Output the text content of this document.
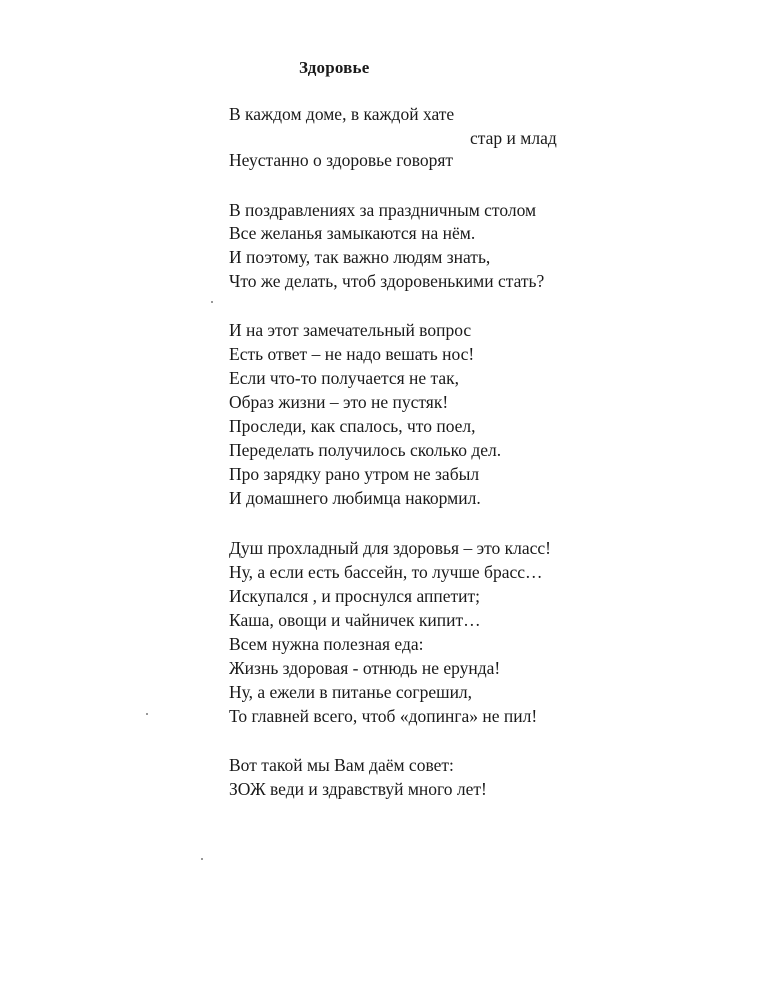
Здоровье

В каждом доме, в каждой хате

стар и млад

Неустанно о здоровье говорят

В поздравлениях за праздничным столом

Все желанья замыкаются на нём.

И поэтому, так важно людям знать,

Что же делать, чтоб здоровенькими стать?

И на этот замечательный вопрос

Есть ответ – не надо вешать нос!

Если что-то получается не так,

Образ жизни – это не пустяк!

Проследи, как спалось, что поел,

Переделать получилось сколько дел.

Про зарядку рано утром не забыл

И домашнего любимца накормил.

Душ прохладный для здоровья – это класс!

Ну, а если есть бассейн, то лучше брасс…

Искупался , и проснулся аппетит;

Каша, овощи и чайничек кипит…

Всем нужна полезная еда:

Жизнь здоровая - отнюдь не ерунда!

Ну, а ежели в питанье согрешил,

То главней всего, чтоб «допинга» не пил!

Вот такой мы Вам даём совет:

ЗОЖ веди и здравствуй много лет!
